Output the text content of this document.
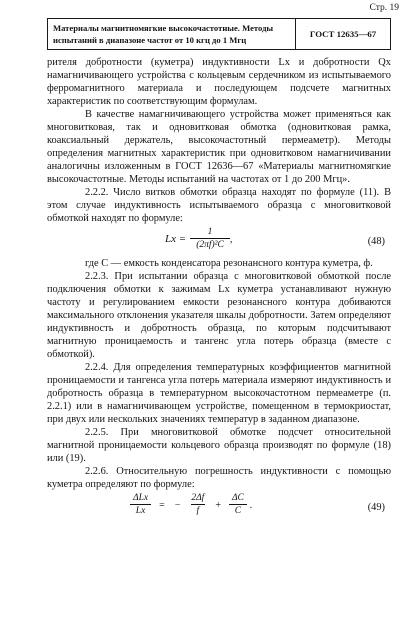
Стр. 19
Материалы магнитномягкие высокочастотные. Методы испытаний в диапазоне частот от 10 кгц до 1 Мгц
ГОСТ 12635—67

рителя добротности (куметра) индуктивности Lx и добротности Qx намагничивающего устройства с кольцевым сердечником из испытываемого ферромагнитного материала и последующем подсчете магнитных характеристик по соответствующим формулам.

В качестве намагничивающего устройства может применяться как многовитковая, так и одновитковая обмотка (одновитковая рамка, коаксиальный держатель, высокочастотный пермеаметр). Методы определения магнитных характеристик при одновитковом намагничивании аналогичны изложенным в ГОСТ 12636—67 «Материалы магнитномягкие высокочастотные. Методы испытаний на частотах от 1 до 200 Мгц».

2.2.2. Число витков обмотки образца находят по формуле (11). В этом случае индуктивность испытываемого образца с многовитковой обмоткой находят по формуле:

$Lx = \frac{1}{\text{(2πf)²C}}$ ,	(48)

где C — емкость конденсатора резонансного контура куметра, ф.

2.2.3. При испытании образца с многовитковой обмоткой после подключения обмотки к зажимам Lx куметра устанавливают нужную частоту и регулированием емкости резонансного контура добиваются максимального отклонения указателя шкалы добротности. Затем определяют индуктивность и добротность образца, по которым подсчитывают магнитную проницаемость и тангенс угла потерь образца (вместе с обмоткой).

2.2.4. Для определения температурных коэффициентов магнитной проницаемости и тангенса угла потерь материала измеряют индуктивность и добротность образца в температурном высокочастотном пермеаметре (п. 2.2.1) или в намагничивающем устройстве, помещенном в термокриостат, при двух или нескольких значениях температур в заданном диапазоне.

2.2.5. При многовитковой обмотке подсчет относительной магнитной проницаемости кольцевого образца производят по формуле (18) или (19).

2.2.6. Относительную погрешность индуктивности с помощью куметра определяют по формуле:

$\frac{\text{ΔLx}}{Lx}$ = − $\frac{2\Delta f}{f} + \frac{\Delta C}{C}$ .	(49)
